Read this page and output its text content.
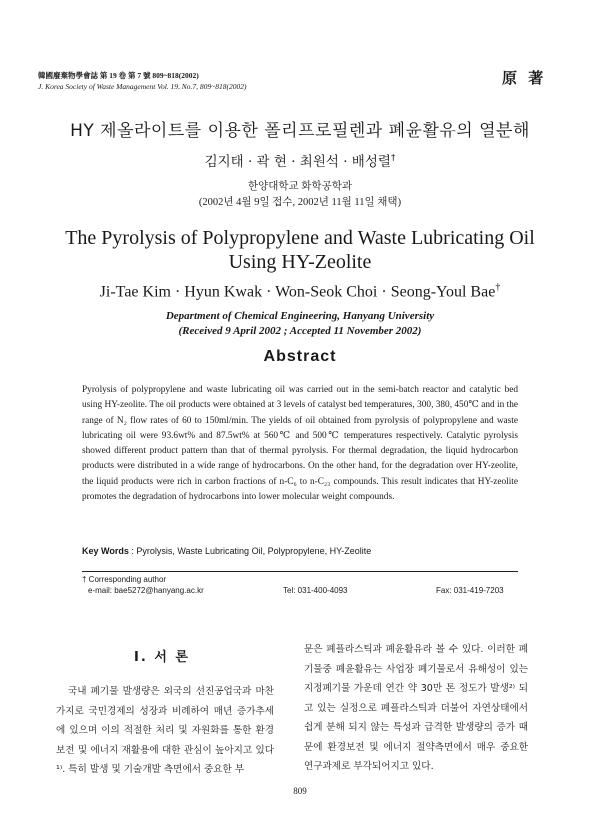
韓國廢棄物學會誌 第 19 卷 第 7 號 809~818(2002)
J. Korea Society of Waste Management Vol. 19, No.7, 809~818(2002)	原 著
HY 제올라이트를 이용한 폴리프로필렌과 폐윤활유의 열분해
김지태 · 곽 현 · 최원석 · 배성렬†
한양대학교 화학공학과
(2002년 4월 9일 접수, 2002년 11월 11일 채택)
The Pyrolysis of Polypropylene and Waste Lubricating Oil
Using HY-Zeolite
Ji-Tae Kim · Hyun Kwak · Won-Seok Choi · Seong-Youl Bae†
Department of Chemical Engineering, Hanyang University
(Received 9 April 2002 ; Accepted 11 November 2002)
Abstract
Pyrolysis of polypropylene and waste lubricating oil was carried out in the semi-batch reactor and catalytic bed using HY-zeolite. The oil products were obtained at 3 levels of catalyst bed temperatures, 300, 380, 450℃ and in the range of N₂ flow rates of 60 to 150ml/min. The yields of oil obtained from pyrolysis of polypropylene and waste lubricating oil were 93.6wt% and 87.5wt% at 560℃ and 500℃ temperatures respectively. Catalytic pyrolysis showed different product pattern than that of thermal pyrolysis. For thermal degradation, the liquid hydrocarbon products were distributed in a wide range of hydrocarbons. On the other hand, for the degradation over HY-zeolite, the liquid products were rich in carbon fractions of n-C₆ to n-C₂₃ compounds. This result indicates that HY-zeolite promotes the degradation of hydrocarbons into lower molecular weight compounds.
Key Words : Pyrolysis, Waste Lubricating Oil, Polypropylene, HY-Zeolite
† Corresponding author
e-mail: bae5272@hanyang.ac.kr	Tel: 031-400-4093	Fax: 031-419-7203
Ⅰ. 서 론

국내 폐기물 발생량은 외국의 선진공업국과 마찬가지로 국민경제의 성장과 비례하여 매년 증가추세에 있으며 이의 적절한 처리 및 자원화를 통한 환경보전 및 에너지 재활용에 대한 관심이 높아지고 있다¹⁾. 특히 발생 및 기술개발 측면에서 중요한 부

문은 폐플라스틱과 폐윤활유라 볼 수 있다. 이러한 폐기물중 폐윤활유는 사업장 폐기물로서 유해성이 있는 지정폐기물 가운데 연간 약 30만 톤 정도가 발생²⁾ 되고 있는 실정으로 폐플라스틱과 더불어 자연상태에서 쉽게 분해 되지 않는 특성과 급격한 발생량의 증가 때문에 환경보전 및 에너지 절약측면에서 매우 중요한 연구과제로 부각되어지고 있다.

809
